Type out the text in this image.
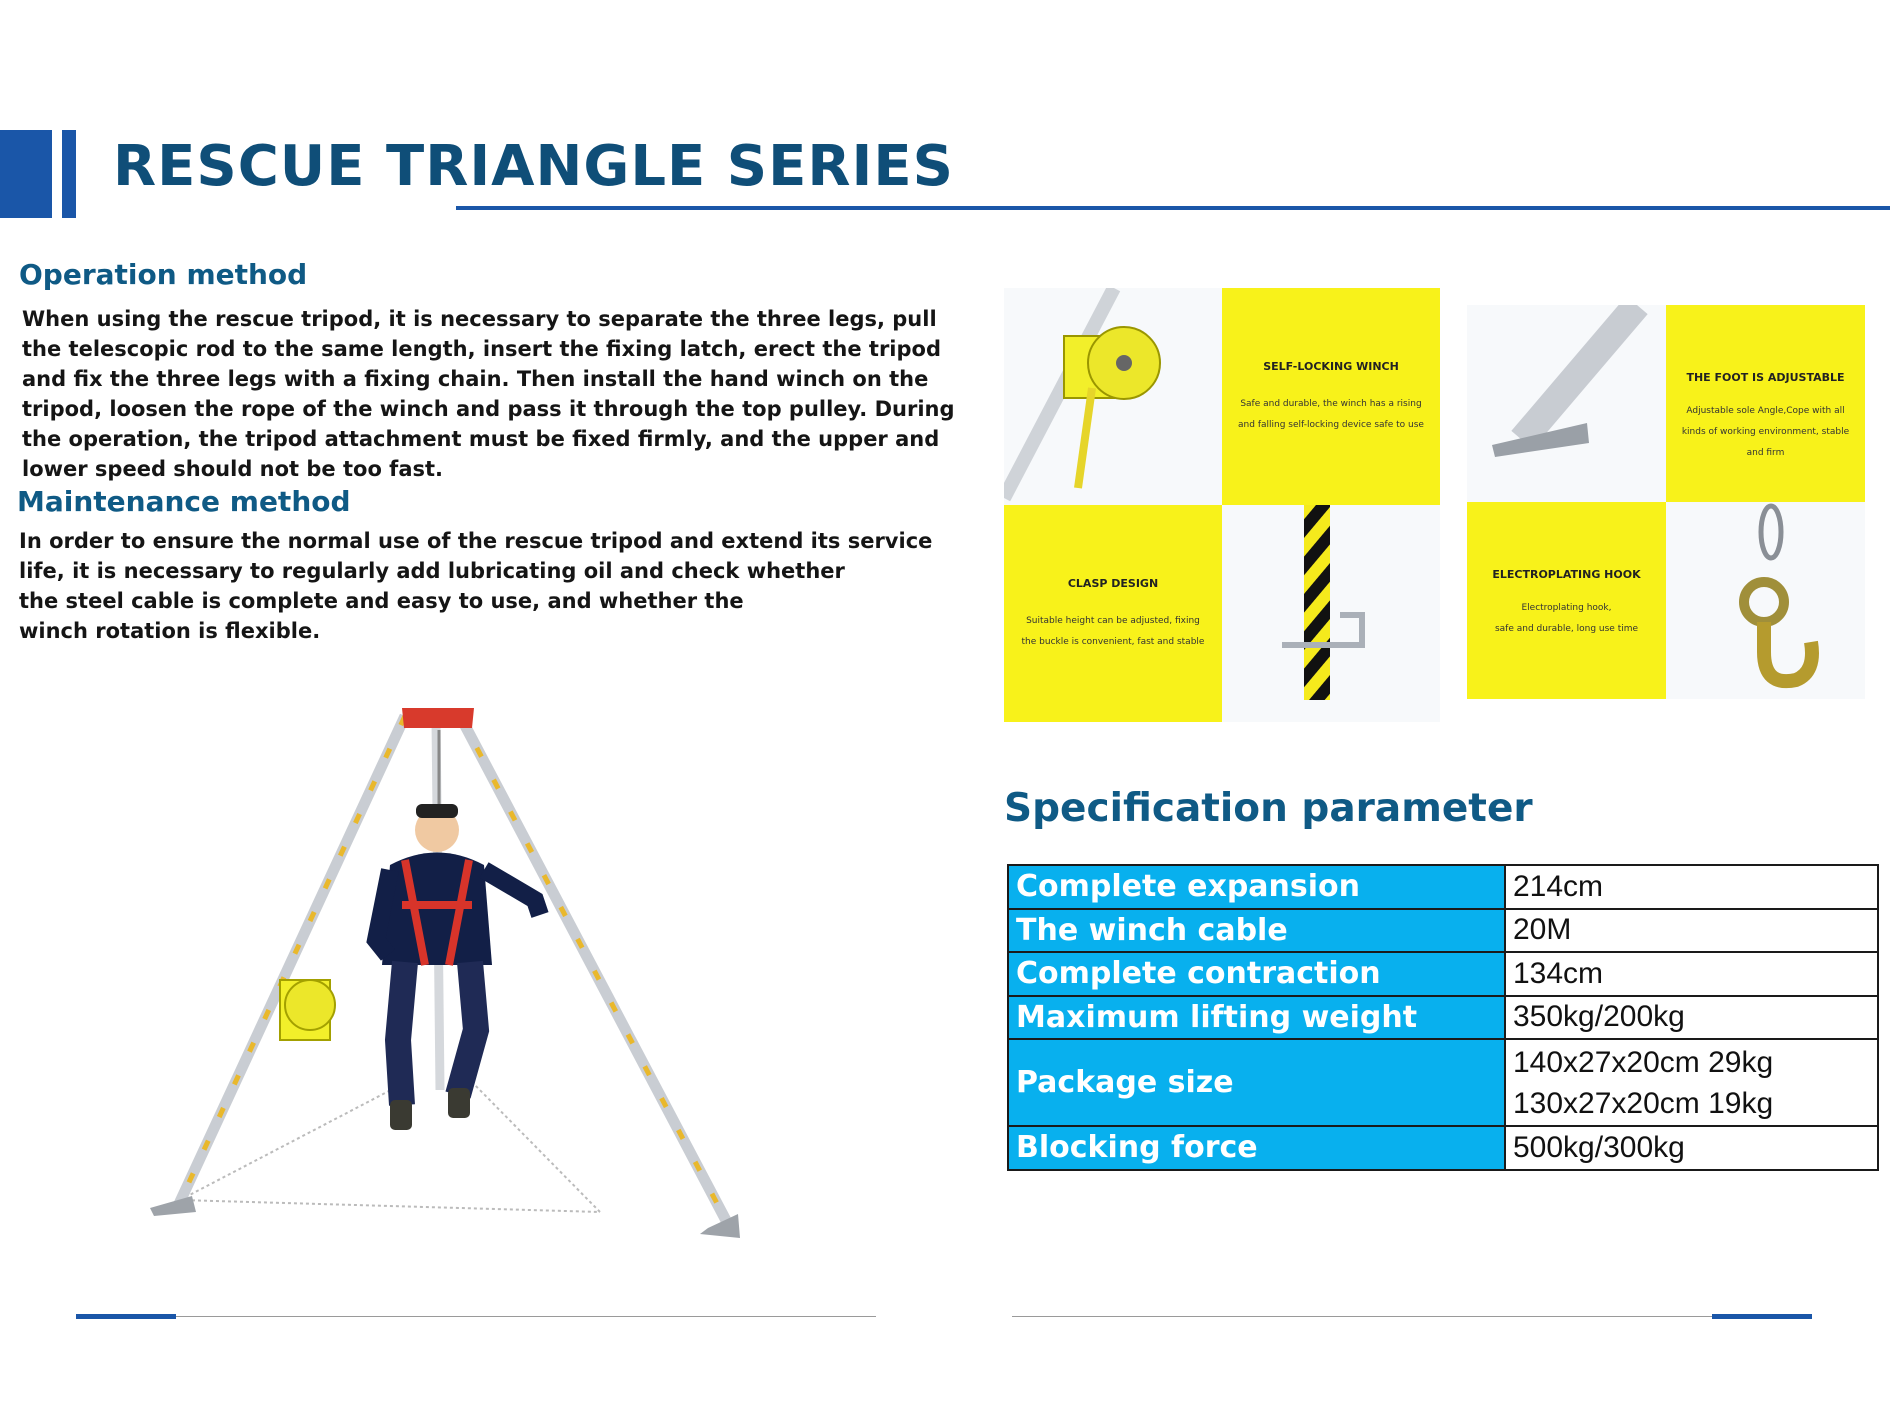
RESCUE TRIANGLE SERIES
Operation method
When using the rescue tripod, it is necessary to separate the three legs, pull
the telescopic rod to the same length, insert the fixing latch, erect the tripod
and fix the three legs with a fixing chain. Then install the hand winch on the
tripod, loosen the rope of the winch and pass it through the top pulley. During
the operation, the tripod attachment must be fixed firmly, and the upper and
lower speed should not be too fast.
Maintenance method
In order to ensure the normal use of the rescue tripod and extend its service
life, it is necessary to regularly add lubricating oil and check whether
the steel cable is complete and easy to use, and whether the
winch rotation is flexible.
SELF-LOCKING WINCH
Safe and durable, the winch has a rising
and falling self-locking device safe to use
CLASP DESIGN
Suitable height can be adjusted, fixing
the buckle is convenient, fast and stable
THE FOOT IS ADJUSTABLE
Adjustable sole Angle,Cope with all
kinds of working environment, stable and firm
ELECTROPLATING HOOK
Electroplating hook,
safe and durable, long use time
Specification parameter
Complete expansion	214cm
The winch cable	20M
Complete contraction	134cm
Maximum lifting weight	350kg/200kg
Package size	140x27x20cm 29kg
130x27x20cm 19kg

Blocking force	500kg/300kg
